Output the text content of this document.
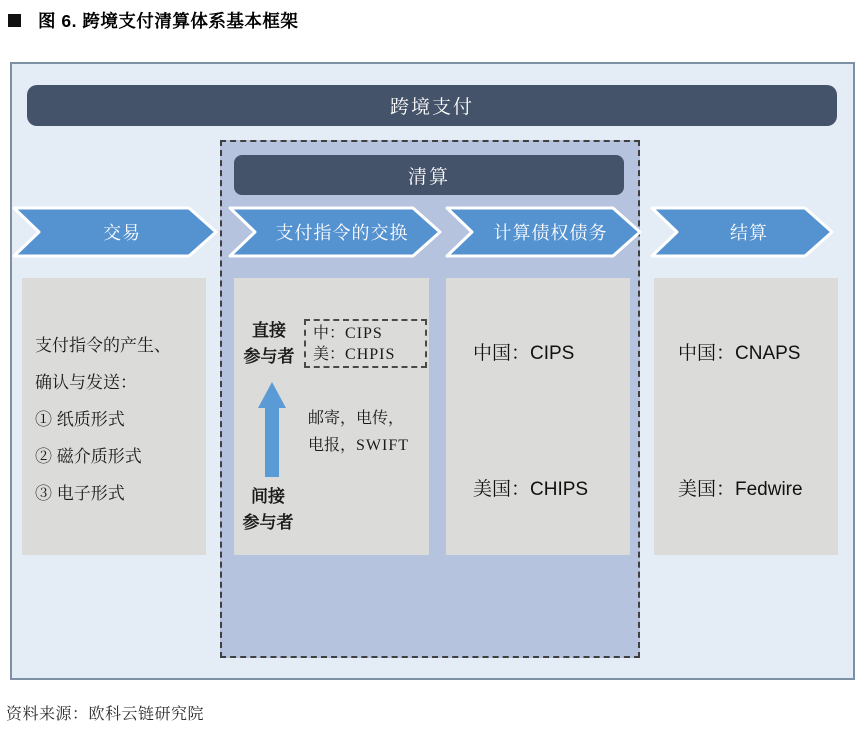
图 6. 跨境支付清算体系基本框架
跨境支付
清算
交易	支付指令的交换	计算债权债务	结算
支付指令的产生、
确认与发送：
① 纸质形式
② 磁介质形式
③ 电子形式
直接
参与者
中：CIPS
美：CHPIS
邮寄，电传，
电报，SWIFT
间接
参与者
中国：CIPS
美国：CHIPS
中国：CNAPS
美国：Fedwire
资料来源：欧科云链研究院
